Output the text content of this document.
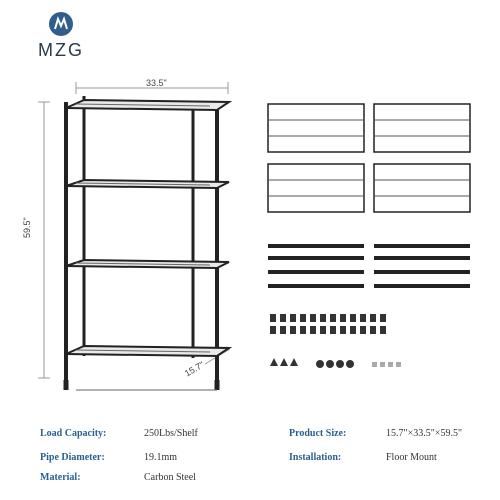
MZG
33.5"
59.5"
15.7"
Load Capacity:	250Lbs/Shelf
Pipe Diameter:	19.1mm
Material:	Carbon Steel
Product Size:	15.7"×33.5"×59.5"
Installation:	Floor Mount
